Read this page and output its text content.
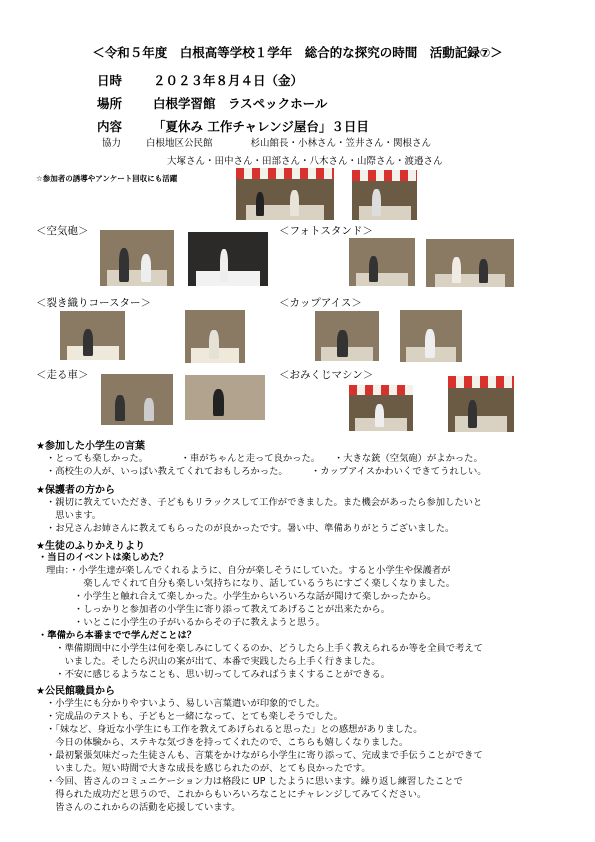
＜令和５年度　白根高等学校１学年　総合的な探究の時間　活動記録⑦＞
日時 ２０２３年８月４日（金）
場所 白根学習館　ラスペックホール
内容 「夏休み 工作チャレンジ屋台」３日目
協力	白根地区公民館　　　　杉山館長・小林さん・笠井さん・関根さん
大塚さん・田中さん・田部さん・八木さん・山際さん・渡邉さん
☆参加者の誘導やアンケート回収にも活躍
＜空気砲＞	＜フォトスタンド＞
＜裂き織りコースター＞	＜カップアイス＞
＜走る車＞	＜おみくじマシン＞
★参加した小学生の言葉
・とっても楽しかった。　　　　・車がちゃんと走って良かった。　　・大きな銃（空気砲）がよかった。
・高校生の人が、いっぱい教えてくれておもしろかった。　　　・カップアイスかわいくできてうれしい。
★保護者の方から
・親切に教えていただき、子どももリラックスして工作ができました。また機会があったら参加したいと
　思います。
・お兄さんお姉さんに教えてもらったのが良かったです。暑い中、準備ありがとうございました。
★生徒のふりかえりより
・当日のイベントは楽しめた？
理由：・小学生達が楽しんでくれるように、自分が楽しそうにしていた。すると小学生や保護者が
　　　　楽しんでくれて自分も楽しい気持ちになり、話しているうちにすごく楽しくなりました。
　　　・小学生と触れ合えて楽しかった。小学生からいろいろな話が聞けて楽しかったから。
　　　・しっかりと参加者の小学生に寄り添って教えてあげることが出来たから。
　　　・いとこに小学生の子がいるからその子に教えようと思う。
・準備から本番までで学んだことは？
　・準備期間中に小学生は何を楽しみにしてくるのか、どうしたら上手く教えられるか等を全員で考えて
　　いました。そしたら沢山の案が出て、本番で実践したら上手く行きました。
　・不安に感じるようなことも、思い切ってしてみればうまくすることができる。
★公民館職員から
・小学生にも分かりやすいよう、易しい言葉遣いが印象的でした。
・完成品のテストも、子どもと一緒になって、とても楽しそうでした。
・「妹など、身近な小学生にも工作を教えてあげられると思った」との感想がありました。
　今日の体験から、ステキな気づきを持ってくれたので、こちらも嬉しくなりました。
・最初緊張気味だった生徒さんも、言葉をかけながら小学生に寄り添って、完成まで手伝うことができて
　いました。短い時間で大きな成長を感じられたのが、とても良かったです。
・今回、皆さんのコミュニケーション力は格段に UP したように思います。繰り返し練習したことで
　得られた成功だと思うので、これからもいろいろなことにチャレンジしてみてください。
　皆さんのこれからの活動を応援しています。
